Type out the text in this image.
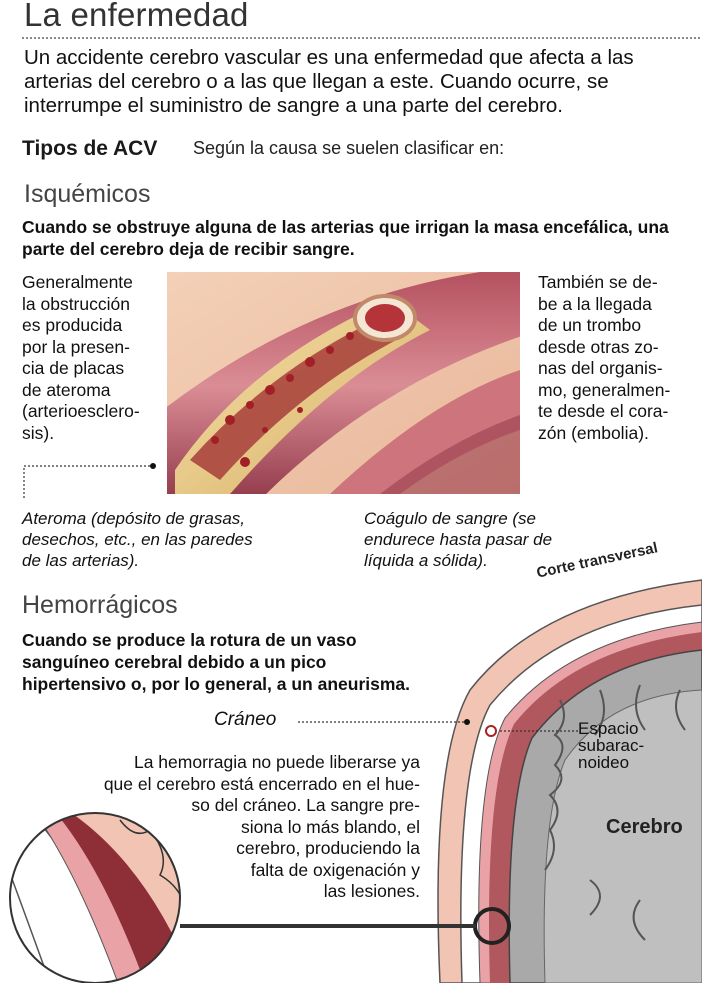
La enfermedad
Un accidente cerebro vascular es una enfermedad que afecta a las arterias del cerebro o a las que llegan a este. Cuando ocurre, se interrumpe el suministro de sangre a una parte del cerebro.
Tipos de ACV Según la causa se suelen clasificar en:
Isquémicos
Cuando se obstruye alguna de las arterias que irrigan la masa encefálica, una parte del cerebro deja de recibir sangre.
Generalmente
la obstrucción
es producida
por la presen-
cia de placas
de ateroma
(arterioesclero-
sis).
También se de-
be a la llegada
de un trombo
desde otras zo-
nas del organis-
mo, generalmen-
te desde el cora-
zón (embolia).
Ateroma (depósito de grasas,
desechos, etc., en las paredes
de las arterias).
Coágulo de sangre (se
endurece hasta pasar de
líquida a sólida).	Corte transversal
Hemorrágicos
Cuando se produce la rotura de un vaso sanguíneo cerebral debido a un pico hipertensivo o, por lo general, a un aneurisma.
Cráneo	Espacio
subarac-
noideo
Cerebro
La hemorragia no puede liberarse ya
que el cerebro está encerrado en el hue-
so del cráneo. La sangre pre-
siona lo más blando, el
cerebro, produciendo la
falta de oxigenación y
las lesiones.
